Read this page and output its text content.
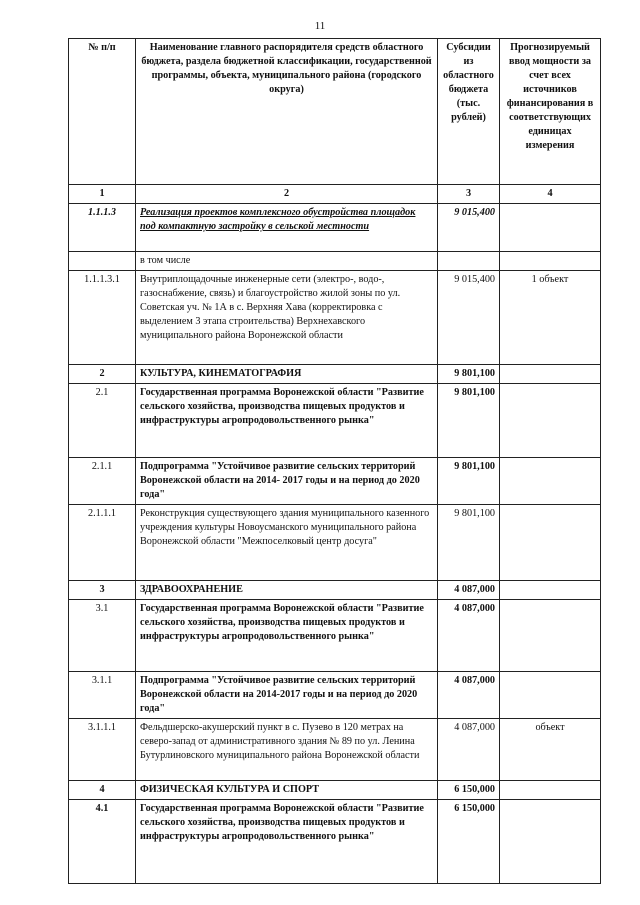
11
№ п/п	Наименование главного распорядителя средств областного бюджета, раздела бюджетной классификации, государственной программы, объекта, муниципального района (городского округа)	Субсидии из областного бюджета (тыс. рублей)	Прогнозируемый ввод мощности за счет всех источников финансирования в соответствующих единицах измерения
1	2	3	4
1.1.1.3	Реализация проектов комплексного обустройства площадок под компактную застройку в сельской местности	9 015,400	
	в том числе		
1.1.1.3.1	Внутриплощадочные инженерные сети (электро-, водо-, газоснабжение, связь) и благоустройство жилой зоны по ул. Советская уч. № 1А в с. Верхняя Хава (корректировка с выделением 3 этапа строительства) Верхнехавского муниципального района Воронежской области	9 015,400	1 объект
2	КУЛЬТУРА, КИНЕМАТОГРАФИЯ	9 801,100	
2.1	Государственная программа Воронежской области "Развитие сельского хозяйства, производства пищевых продуктов и инфраструктуры агропродовольственного рынка"	9 801,100	
2.1.1	Подпрограмма "Устойчивое развитие сельских территорий Воронежской области на 2014- 2017 годы и на период до 2020 года"	9 801,100	
2.1.1.1	Реконструкция существующего здания муниципального казенного учреждения культуры Новоусманского муниципального района Воронежской области "Межпоселковый центр досуга"	9 801,100	
3	ЗДРАВООХРАНЕНИЕ	4 087,000	
3.1	Государственная программа Воронежской области "Развитие сельского хозяйства, производства пищевых продуктов и инфраструктуры агропродовольственного рынка"	4 087,000	
3.1.1	Подпрограмма "Устойчивое развитие сельских территорий Воронежской области на 2014-2017 годы и на период до 2020 года"	4 087,000	
3.1.1.1	Фельдшерско-акушерский пункт в с. Пузево в 120 метрах на северо-запад от административного здания № 89 по ул. Ленина Бутурлиновского муниципального района Воронежской области	4 087,000	объект
4	ФИЗИЧЕСКАЯ КУЛЬТУРА И СПОРТ	6 150,000	
4.1	Государственная программа Воронежской области "Развитие сельского хозяйства, производства пищевых продуктов и инфраструктуры агропродовольственного рынка"	6 150,000	
